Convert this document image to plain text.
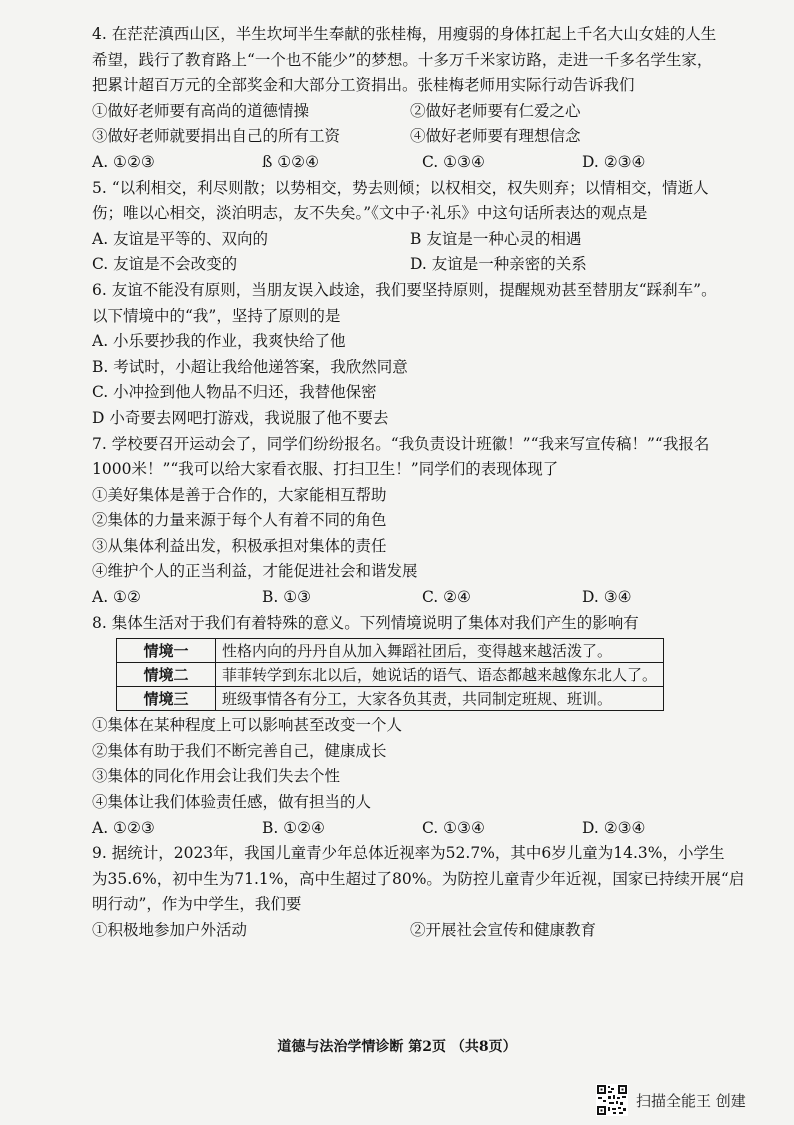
4. 在茫茫滇西山区，半生坎坷半生奉献的张桂梅，用瘦弱的身体扛起上千名大山女娃的人生
希望，践行了教育路上“一个也不能少”的梦想。十多万千米家访路，走进一千多名学生家，
把累计超百万元的全部奖金和大部分工资捐出。张桂梅老师用实际行动告诉我们
①做好老师要有高尚的道德情操	②做好老师要有仁爱之心
③做好老师就要捐出自己的所有工资	④做好老师要有理想信念
A. ①②③	ß ①②④	C. ①③④	D. ②③④
5. “以利相交，利尽则散；以势相交，势去则倾；以权相交，权失则弃；以情相交，情逝人
伤；唯以心相交，淡泊明志，友不失矣。”《文中子·礼乐》中这句话所表达的观点是
A. 友谊是平等的、双向的	B 友谊是一种心灵的相遇
C. 友谊是不会改变的	D. 友谊是一种亲密的关系
6. 友谊不能没有原则，当朋友误入歧途，我们要坚持原则，提醒规劝甚至替朋友“踩刹车”。
以下情境中的“我”，坚持了原则的是
A. 小乐要抄我的作业，我爽快给了他
B. 考试时，小超让我给他递答案，我欣然同意
C. 小冲捡到他人物品不归还，我替他保密
D 小奇要去网吧打游戏，我说服了他不要去
7. 学校要召开运动会了，同学们纷纷报名。“我负责设计班徽！”“我来写宣传稿！”“我报名
1000米！”“我可以给大家看衣服、打扫卫生！”同学们的表现体现了
①美好集体是善于合作的，大家能相互帮助
②集体的力量来源于每个人有着不同的角色
③从集体利益出发，积极承担对集体的责任
④维护个人的正当利益，才能促进社会和谐发展
A. ①②	B. ①③	C. ②④	D. ③④
8. 集体生活对于我们有着特殊的意义。下列情境说明了集体对我们产生的影响有
情境一	性格内向的丹丹自从加入舞蹈社团后，变得越来越活泼了。
情境二	菲菲转学到东北以后，她说话的语气、语态都越来越像东北人了。
情境三	班级事情各有分工，大家各负其责，共同制定班规、班训。
①集体在某种程度上可以影响甚至改变一个人
②集体有助于我们不断完善自己，健康成长
③集体的同化作用会让我们失去个性
④集体让我们体验责任感，做有担当的人
A. ①②③	B. ①②④	C. ①③④	D. ②③④
9. 据统计，2023年，我国儿童青少年总体近视率为52.7%，其中6岁儿童为14.3%，小学生
为35.6%，初中生为71.1%，高中生超过了80%。为防控儿童青少年近视，国家已持续开展“启
明行动”，作为中学生，我们要
①积极地参加户外活动	②开展社会宣传和健康教育
道德与法治学情诊断 第2页 （共8页）
扫描全能王 创建
